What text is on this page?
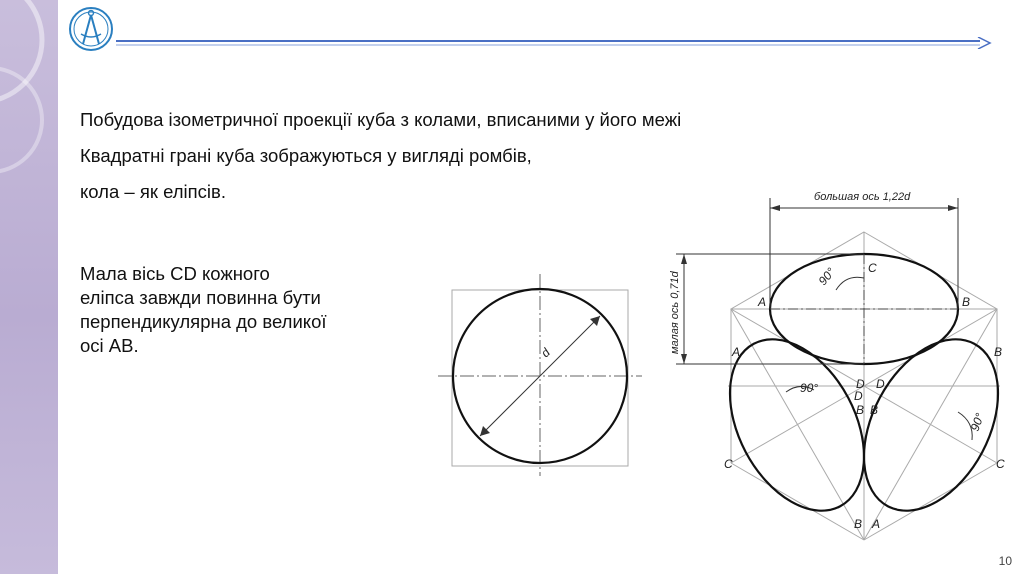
Побудова ізометричної проекції куба з колами, вписаними у його межі
Квадратні грані куба зображуються у вигляді ромбів,
кола – як еліпсів.
Мала вісь CD кожного
еліпса завжди повинна бути
перпендикулярна до великої
осі АВ.	d
большая ось 1,22d
малая ось 0,71d	90°
90°
90°
A	B
C
D
A
C
B
B
D
B
C
D
B
A
10
